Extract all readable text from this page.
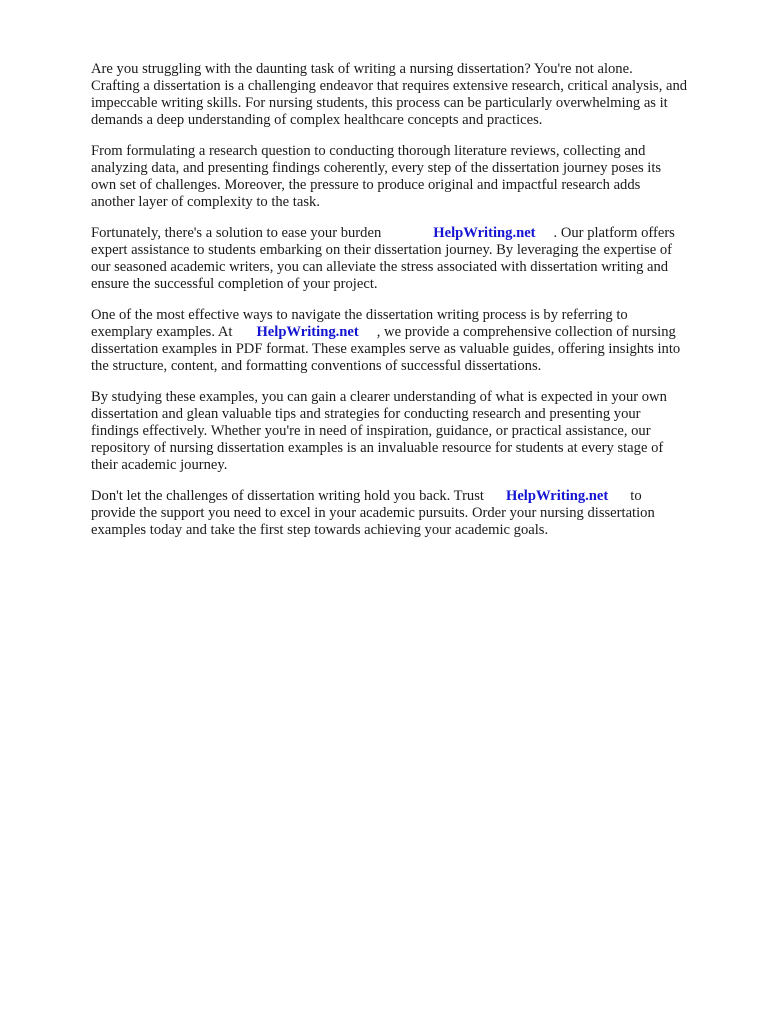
Are you struggling with the daunting task of writing a nursing dissertation? You're not alone.
Crafting a dissertation is a challenging endeavor that requires extensive research, critical analysis, and
impeccable writing skills. For nursing students, this process can be particularly overwhelming as it
demands a deep understanding of complex healthcare concepts and practices.

From formulating a research question to conducting thorough literature reviews, collecting and
analyzing data, and presenting findings coherently, every step of the dissertation journey poses its
own set of challenges. Moreover, the pressure to produce original and impactful research adds
another layer of complexity to the task.

Fortunately, there's a solution to ease your burden	HelpWriting.net . Our platform offers
expert assistance to students embarking on their dissertation journey. By leveraging the expertise of
our seasoned academic writers, you can alleviate the stress associated with dissertation writing and
ensure the successful completion of your project.

One of the most effective ways to navigate the dissertation writing process is by referring to
exemplary examples. At HelpWriting.net , we provide a comprehensive collection of nursing
dissertation examples in PDF format. These examples serve as valuable guides, offering insights into
the structure, content, and formatting conventions of successful dissertations.

By studying these examples, you can gain a clearer understanding of what is expected in your own
dissertation and glean valuable tips and strategies for conducting research and presenting your
findings effectively. Whether you're in need of inspiration, guidance, or practical assistance, our
repository of nursing dissertation examples is an invaluable resource for students at every stage of
their academic journey.

Don't let the challenges of dissertation writing hold you back. Trust HelpWriting.net to
provide the support you need to excel in your academic pursuits. Order your nursing dissertation
examples today and take the first step towards achieving your academic goals.
